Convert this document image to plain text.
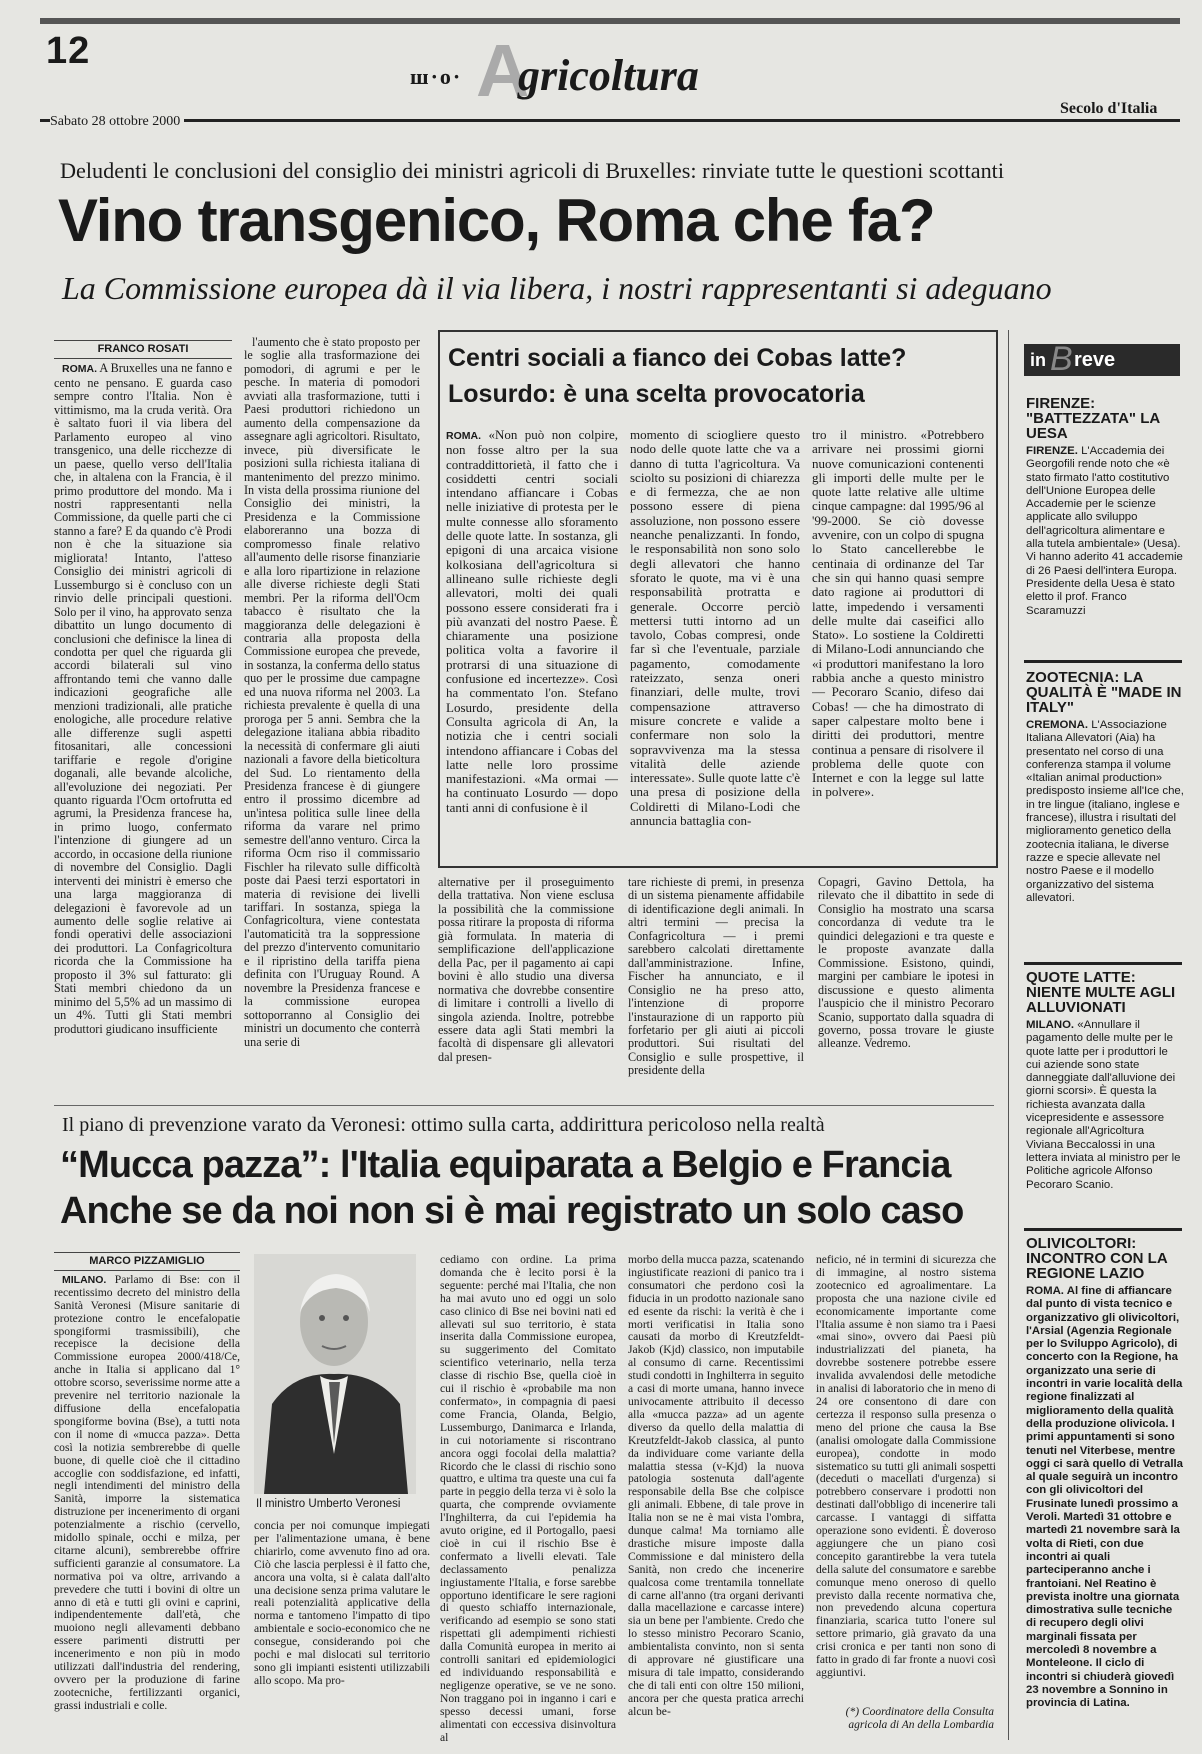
12
ш·о· A
gricoltura
Sabato 28 ottobre 2000
Secolo d'Italia
Deludenti le conclusioni del consiglio dei ministri agricoli di Bruxelles: rinviate tutte le questioni scottanti
Vino transgenico, Roma che fa?
La Commissione europea dà il via libera, i nostri rappresentanti si adeguano
FRANCO ROSATI

ROMA. A Bruxelles una ne fanno e cento ne pensano. E guarda caso sempre contro l'Italia. Non è vittimismo, ma la cruda verità. Ora è saltato fuori il via libera del Parlamento europeo al vino transgenico, una delle ricchezze di un paese, quello verso dell'Italia che, in altalena con la Francia, è il primo produttore del mondo. Ma i nostri rappresentanti nella Commissione, da quelle parti che ci stanno a fare? E da quando c'è Prodi non è che la situazione sia migliorata! Intanto, l'atteso Consiglio dei ministri agricoli di Lussemburgo si è concluso con un rinvio delle principali questioni. Solo per il vino, ha approvato senza dibattito un lungo documento di conclusioni che definisce la linea di condotta per quel che riguarda gli accordi bilaterali sul vino affrontando temi che vanno dalle indicazioni geografiche alle menzioni tradizionali, alle pratiche enologiche, alle procedure relative alle differenze sugli aspetti fitosanitari, alle concessioni tariffarie e regole d'origine doganali, alle bevande alcoliche, all'evoluzione dei negoziati. Per quanto riguarda l'Ocm ortofrutta ed agrumi, la Presidenza francese ha, in primo luogo, confermato l'intenzione di giungere ad un accordo, in occasione della riunione di novembre del Consiglio. Dagli interventi dei ministri è emerso che una larga maggioranza di delegazioni è favorevole ad un aumento delle soglie relative ai fondi operativi delle associazioni dei produttori. La Confagricoltura ricorda che la Commissione ha proposto il 3% sul fatturato: gli Stati membri chiedono da un minimo del 5,5% ad un massimo di un 4%. Tutti gli Stati membri produttori giudicano insufficiente

l'aumento che è stato proposto per le soglie alla trasformazione dei pomodori, di agrumi e per le pesche. In materia di pomodori avviati alla trasformazione, tutti i Paesi produttori richiedono un aumento della compensazione da assegnare agli agricoltori. Risultato, invece, più diversificate le posizioni sulla richiesta italiana di mantenimento del prezzo minimo. In vista della prossima riunione del Consiglio dei ministri, la Presidenza e la Commissione elaboreranno una bozza di compromesso finale relativo all'aumento delle risorse finanziarie e alla loro ripartizione in relazione alle diverse richieste degli Stati membri. Per la riforma dell'Ocm tabacco è risultato che la maggioranza delle delegazioni è contraria alla proposta della Commissione europea che prevede, in sostanza, la conferma dello status quo per le prossime due campagne ed una nuova riforma nel 2003. La richiesta prevalente è quella di una proroga per 5 anni. Sembra che la delegazione italiana abbia ribadito la necessità di confermare gli aiuti nazionali a favore della bieticoltura del Sud. Lo rientamento della Presidenza francese è di giungere entro il prossimo dicembre ad un'intesa politica sulle linee della riforma da varare nel primo semestre dell'anno venturo. Circa la riforma Ocm riso il commissario Fischler ha rilevato sulle difficoltà poste dai Paesi terzi esportatori in materia di revisione dei livelli tariffari. In sostanza, spiega la Confagricoltura, viene contestata l'automaticità tra la soppressione del prezzo d'intervento comunitario e il ripristino della tariffa piena definita con l'Uruguay Round. A novembre la Presidenza francese e la commissione europea sottoporranno al Consiglio dei ministri un documento che conterrà una serie di

Centri sociali a fianco dei Cobas latte?
Losurdo: è una scelta provocatoria

ROMA. «Non può non colpire, non fosse altro per la sua contraddittorietà, il fatto che i cosiddetti centri sociali intendano affiancare i Cobas nelle iniziative di protesta per le multe connesse allo sforamento delle quote latte. In sostanza, gli epigoni di una arcaica visione kolkosiana dell'agricoltura si allineano sulle richieste degli allevatori, molti dei quali possono essere considerati fra i più avanzati del nostro Paese. È chiaramente una posizione politica volta a favorire il protrarsi di una situazione di confusione ed incertezze». Così ha commentato l'on. Stefano Losurdo, presidente della Consulta agricola di An, la notizia che i centri sociali intendono affiancare i Cobas del latte nelle loro prossime manifestazioni. «Ma ormai — ha continuato Losurdo — dopo tanti anni di confusione è il

momento di sciogliere questo nodo delle quote latte che va a danno di tutta l'agricoltura. Va sciolto su posizioni di chiarezza e di fermezza, che ae non possono essere di piena assoluzione, non possono essere neanche penalizzanti. In fondo, le responsabilità non sono solo degli allevatori che hanno sforato le quote, ma vi è una responsabilità protratta e generale. Occorre perciò mettersi tutti intorno ad un tavolo, Cobas compresi, onde far sì che l'eventuale, parziale pagamento, comodamente rateizzato, senza oneri finanziari, delle multe, trovi compensazione attraverso misure concrete e valide a confermare non solo la sopravvivenza ma la stessa vitalità delle aziende interessate». Sulle quote latte c'è una presa di posizione della Coldiretti di Milano-Lodi che annuncia battaglia con-

tro il ministro. «Potrebbero arrivare nei prossimi giorni nuove comunicazioni contenenti gli importi delle multe per le quote latte relative alle ultime cinque campagne: dal 1995/96 al '99-2000. Se ciò dovesse avvenire, con un colpo di spugna lo Stato cancellerebbe le centinaia di ordinanze del Tar che sin qui hanno quasi sempre dato ragione ai produttori di latte, impedendo i versamenti delle multe dai caseifici allo Stato». Lo sostiene la Coldiretti di Milano-Lodi annunciando che «i produttori manifestano la loro rabbia anche a questo ministro — Pecoraro Scanio, difeso dai Cobas! — che ha dimostrato di saper calpestare molto bene i diritti dei produttori, mentre continua a pensare di risolvere il problema delle quote con Internet e con la legge sul latte in polvere».

alternative per il proseguimento della trattativa. Non viene esclusa la possibilità che la commissione possa ritirare la proposta di riforma già formulata. In materia di semplificazione dell'applicazione della Pac, per il pagamento ai capi bovini è allo studio una diversa normativa che dovrebbe consentire di limitare i controlli a livello di singola azienda. Inoltre, potrebbe essere data agli Stati membri la facoltà di dispensare gli allevatori dal presen-

tare richieste di premi, in presenza di un sistema pienamente affidabile di identificazione degli animali. In altri termini — precisa la Confagricoltura — i premi sarebbero calcolati direttamente dall'amministrazione. Infine, Fischer ha annunciato, e il Consiglio ne ha preso atto, l'intenzione di proporre l'instaurazione di un rapporto più forfetario per gli aiuti ai piccoli produttori. Sui risultati del Consiglio e sulle prospettive, il presidente della

Copagri, Gavino Dettola, ha rilevato che il dibattito in sede di Consiglio ha mostrato una scarsa concordanza di vedute tra le quindici delegazioni e tra queste e le proposte avanzate dalla Commissione. Esistono, quindi, margini per cambiare le ipotesi in discussione e questo alimenta l'auspicio che il ministro Pecoraro Scanio, supportato dalla squadra di governo, possa trovare le giuste alleanze. Vedremo.

in B reve
FIRENZE: "BATTEZZATA" LA UESA

FIRENZE. L'Accademia dei Georgofili rende noto che «è stato firmato l'atto costitutivo dell'Unione Europea delle Accademie per le scienze applicate allo sviluppo dell'agricoltura alimentare e alla tutela ambientale» (Uesa). Vi hanno aderito 41 accademie di 26 Paesi dell'intera Europa. Presidente della Uesa è stato eletto il prof. Franco Scaramuzzi

ZOOTECNIA: LA QUALITÀ È "MADE IN ITALY"

CREMONA. L'Associazione Italiana Allevatori (Aia) ha presentato nel corso di una conferenza stampa il volume «Italian animal production» predisposto insieme all'Ice che, in tre lingue (italiano, inglese e francese), illustra i risultati del miglioramento genetico della zootecnia italiana, le diverse razze e specie allevate nel nostro Paese e il modello organizzativo del sistema allevatori.

QUOTE LATTE: NIENTE MULTE AGLI ALLUVIONATI

MILANO. «Annullare il pagamento delle multe per le quote latte per i produttori le cui aziende sono state danneggiate dall'alluvione dei giorni scorsi». È questa la richiesta avanzata dalla vicepresidente e assessore regionale all'Agricoltura Viviana Beccalossi in una lettera inviata al ministro per le Politiche agricole Alfonso Pecoraro Scanio.

OLIVICOLTORI: INCONTRO CON LA REGIONE LAZIO

ROMA. Al fine di affiancare dal punto di vista tecnico e organizzativo gli olivicoltori, l'Arsial (Agenzia Regionale per lo Sviluppo Agricolo), di concerto con la Regione, ha organizzato una serie di incontri in varie località della regione finalizzati al miglioramento della qualità della produzione olivicola. I primi appuntamenti si sono tenuti nel Viterbese, mentre oggi ci sarà quello di Vetralla al quale seguirà un incontro con gli olivicoltori del Frusinate lunedì prossimo a Veroli. Martedì 31 ottobre e martedì 21 novembre sarà la volta di Rieti, con due incontri ai quali parteciperanno anche i frantoiani. Nel Reatino è prevista inoltre una giornata dimostrativa sulle tecniche di recupero degli olivi marginali fissata per mercoledì 8 novembre a Monteleone. Il ciclo di incontri si chiuderà giovedì 23 novembre a Sonnino in provincia di Latina.

Il piano di prevenzione varato da Veronesi: ottimo sulla carta, addirittura pericoloso nella realtà
“Mucca pazza”: l'Italia equiparata a Belgio e Francia
Anche se da noi non si è mai registrato un solo caso
MARCO PIZZAMIGLIO

MILANO. Parlamo di Bse: con il recentissimo decreto del ministro della Sanità Veronesi (Misure sanitarie di protezione contro le encefalopatie spongiformi trasmissibili), che recepisce la decisione della Commissione europea 2000/418/Ce, anche in Italia si applicano dal 1° ottobre scorso, severissime norme atte a prevenire nel territorio nazionale la diffusione della encefalopatia spongiforme bovina (Bse), a tutti nota con il nome di «mucca pazza». Detta così la notizia sembrerebbe di quelle buone, di quelle cioè che il cittadino accoglie con soddisfazione, ed infatti, negli intendimenti del ministro della Sanità, imporre la sistematica distruzione per incenerimento di organi potenzialmente a rischio (cervello, midollo spinale, occhi e milza, per citarne alcuni), sembrerebbe offrire sufficienti garanzie al consumatore. La normativa poi va oltre, arrivando a prevedere che tutti i bovini di oltre un anno di età e tutti gli ovini e caprini, indipendentemente dall'età, che muoiono negli allevamenti debbano essere parimenti distrutti per incenerimento e non più in modo utilizzati dall'industria del rendering, ovvero per la produzione di farine zootecniche, fertilizzanti organici, grassi industriali e colle.

Il ministro Umberto Veronesi

concia per noi comunque impiegati per l'alimentazione umana, è bene chiarirlo, come avvenuto fino ad ora. Ciò che lascia perplessi è il fatto che, ancora una volta, si è calata dall'alto una decisione senza prima valutare le reali potenzialità applicative della norma e tantomeno l'impatto di tipo ambientale e socio-economico che ne consegue, considerando poi che pochi e mal dislocati sul territorio sono gli impianti esistenti utilizzabili allo scopo. Ma pro-

cediamo con ordine. La prima domanda che è lecito porsi è la seguente: perché mai l'Italia, che non ha mai avuto uno ed oggi un solo caso clinico di Bse nei bovini nati ed allevati sul suo territorio, è stata inserita dalla Commissione europea, su suggerimento del Comitato scientifico veterinario, nella terza classe di rischio Bse, quella cioè in cui il rischio è «probabile ma non confermato», in compagnia di paesi come Francia, Olanda, Belgio, Lussemburgo, Danimarca e Irlanda, in cui notoriamente si riscontrano ancora oggi focolai della malattia? Ricordo che le classi di rischio sono quattro, e ultima tra queste una cui fa parte in peggio della terza vi è solo la quarta, che comprende ovviamente l'Inghilterra, da cui l'epidemia ha avuto origine, ed il Portogallo, paesi cioè in cui il rischio Bse è confermato a livelli elevati. Tale declassamento penalizza ingiustamente l'Italia, e forse sarebbe opportuno identificare le sere ragioni di questo schiaffo internazionale, verificando ad esempio se sono stati rispettati gli adempimenti richiesti dalla Comunità europea in merito ai controlli sanitari ed epidemiologici ed individuando responsabilità e negligenze operative, se ve ne sono. Non traggano poi in inganno i cari e spesso decessi umani, forse alimentati con eccessiva disinvoltura al

morbo della mucca pazza, scatenando ingiustificate reazioni di panico tra i consumatori che perdono così la fiducia in un prodotto nazionale sano ed esente da rischi: la verità è che i morti verificatisi in Italia sono causati da morbo di Kreutzfeldt-Jakob (Kjd) classico, non imputabile al consumo di carne. Recentissimi studi condotti in Inghilterra in seguito a casi di morte umana, hanno invece univocamente attribuito il decesso alla «mucca pazza» ad un agente diverso da quello della malattia di Kreutzfeldt-Jakob classica, al punto da individuare come variante della malattia stessa (v-Kjd) la nuova patologia sostenuta dall'agente responsabile della Bse che colpisce gli animali. Ebbene, di tale prove in Italia non se ne è mai vista l'ombra, dunque calma! Ma torniamo alle drastiche misure imposte dalla Commissione e dal ministero della Sanità, non credo che incenerire qualcosa come trentamila tonnellate di carne all'anno (tra organi derivanti dalla macellazione e carcasse intere) sia un bene per l'ambiente. Credo che lo stesso ministro Pecoraro Scanio, ambientalista convinto, non si senta di approvare né giustificare una misura di tale impatto, considerando che di tali enti con oltre 150 milioni, ancora per che questa pratica arrechi alcun be-

neficio, né in termini di sicurezza che di immagine, al nostro sistema zootecnico ed agroalimentare. La proposta che una nazione civile ed economicamente importante come l'Italia assume è non siamo tra i Paesi «mai sino», ovvero dai Paesi più industrializzati del pianeta, ha dovrebbe sostenere potrebbe essere invalida avvalendosi delle metodiche in analisi di laboratorio che in meno di 24 ore consentono di dare con certezza il responso sulla presenza o meno del prione che causa la Bse (analisi omologate dalla Commissione europea), condotte in modo sistematico su tutti gli animali sospetti (deceduti o macellati d'urgenza) si potrebbero conservare i prodotti non destinati dall'obbligo di incenerire tali carcasse. I vantaggi di siffatta operazione sono evidenti. È doveroso aggiungere che un piano così concepito garantirebbe la vera tutela della salute del consumatore e sarebbe comunque meno oneroso di quello previsto dalla recente normativa che, non prevedendo alcuna copertura finanziaria, scarica tutto l'onere sul settore primario, già gravato da una crisi cronica e per tanti non sono di fatto in grado di far fronte a nuovi così aggiuntivi.

(*) Coordinatore della Consulta agricola di An della Lombardia
